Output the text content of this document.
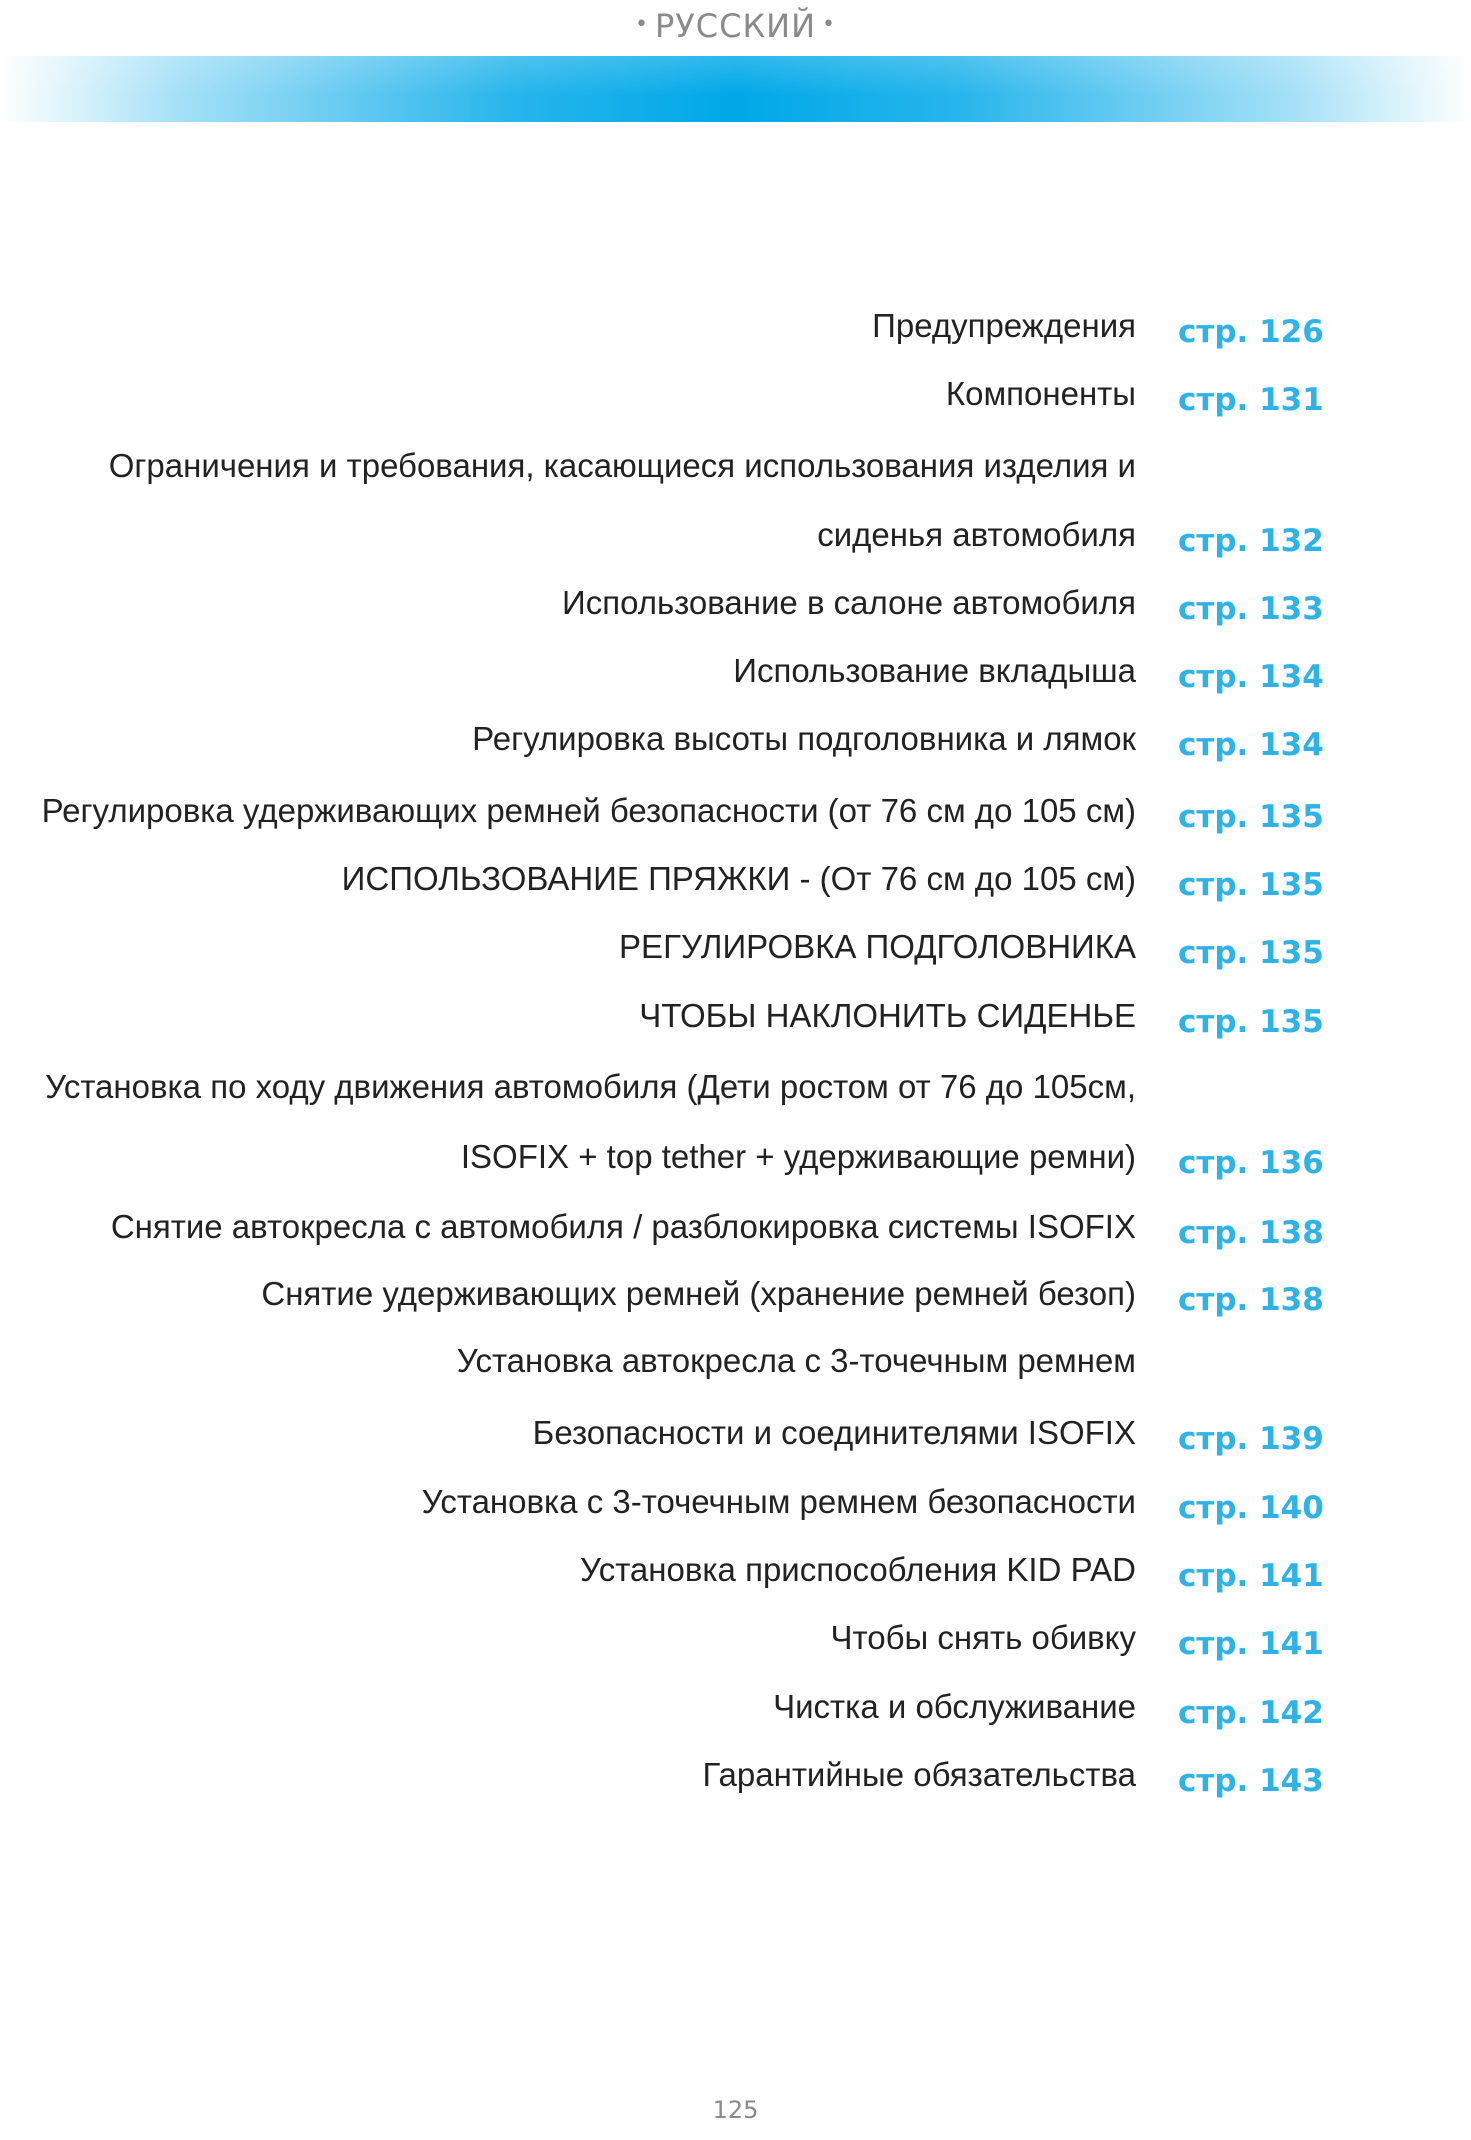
• РУССКИЙ •
Предупреждения стр. 126
Компоненты стр. 131
Ограничения и требования, касающиеся использования изделия и
сиденья автомобиля стр. 132
Использование в салоне автомобиля стр. 133
Использование вкладыша стр. 134
Регулировка высоты подголовника и лямок стр. 134
Регулировка удерживающих ремней безопасности (от 76 см до 105 см) стр. 135
ИСПОЛЬЗОВАНИЕ ПРЯЖКИ - (От 76 см до 105 см) стр. 135
РЕГУЛИРОВКА ПОДГОЛОВНИКА стр. 135
ЧТОБЫ НАКЛОНИТЬ СИДЕНЬЕ стр. 135
Установка по ходу движения автомобиля (Дети ростом от 76 до 105см,
ISOFIX + top tether + удерживающие ремни) стр. 136
Снятие автокресла с автомобиля / разблокировка системы ISOFIX стр. 138
Снятие удерживающих ремней (хранение ремней безоп) стр. 138
Установка автокресла с 3-точечным ремнем
Безопасности и соединителями ISOFIX стр. 139
Установка с 3-точечным ремнем безопасности стр. 140
Установка приспособления KID PAD стр. 141
Чтобы снять обивку стр. 141
Чистка и обслуживание стр. 142
Гарантийные обязательства стр. 143
125
